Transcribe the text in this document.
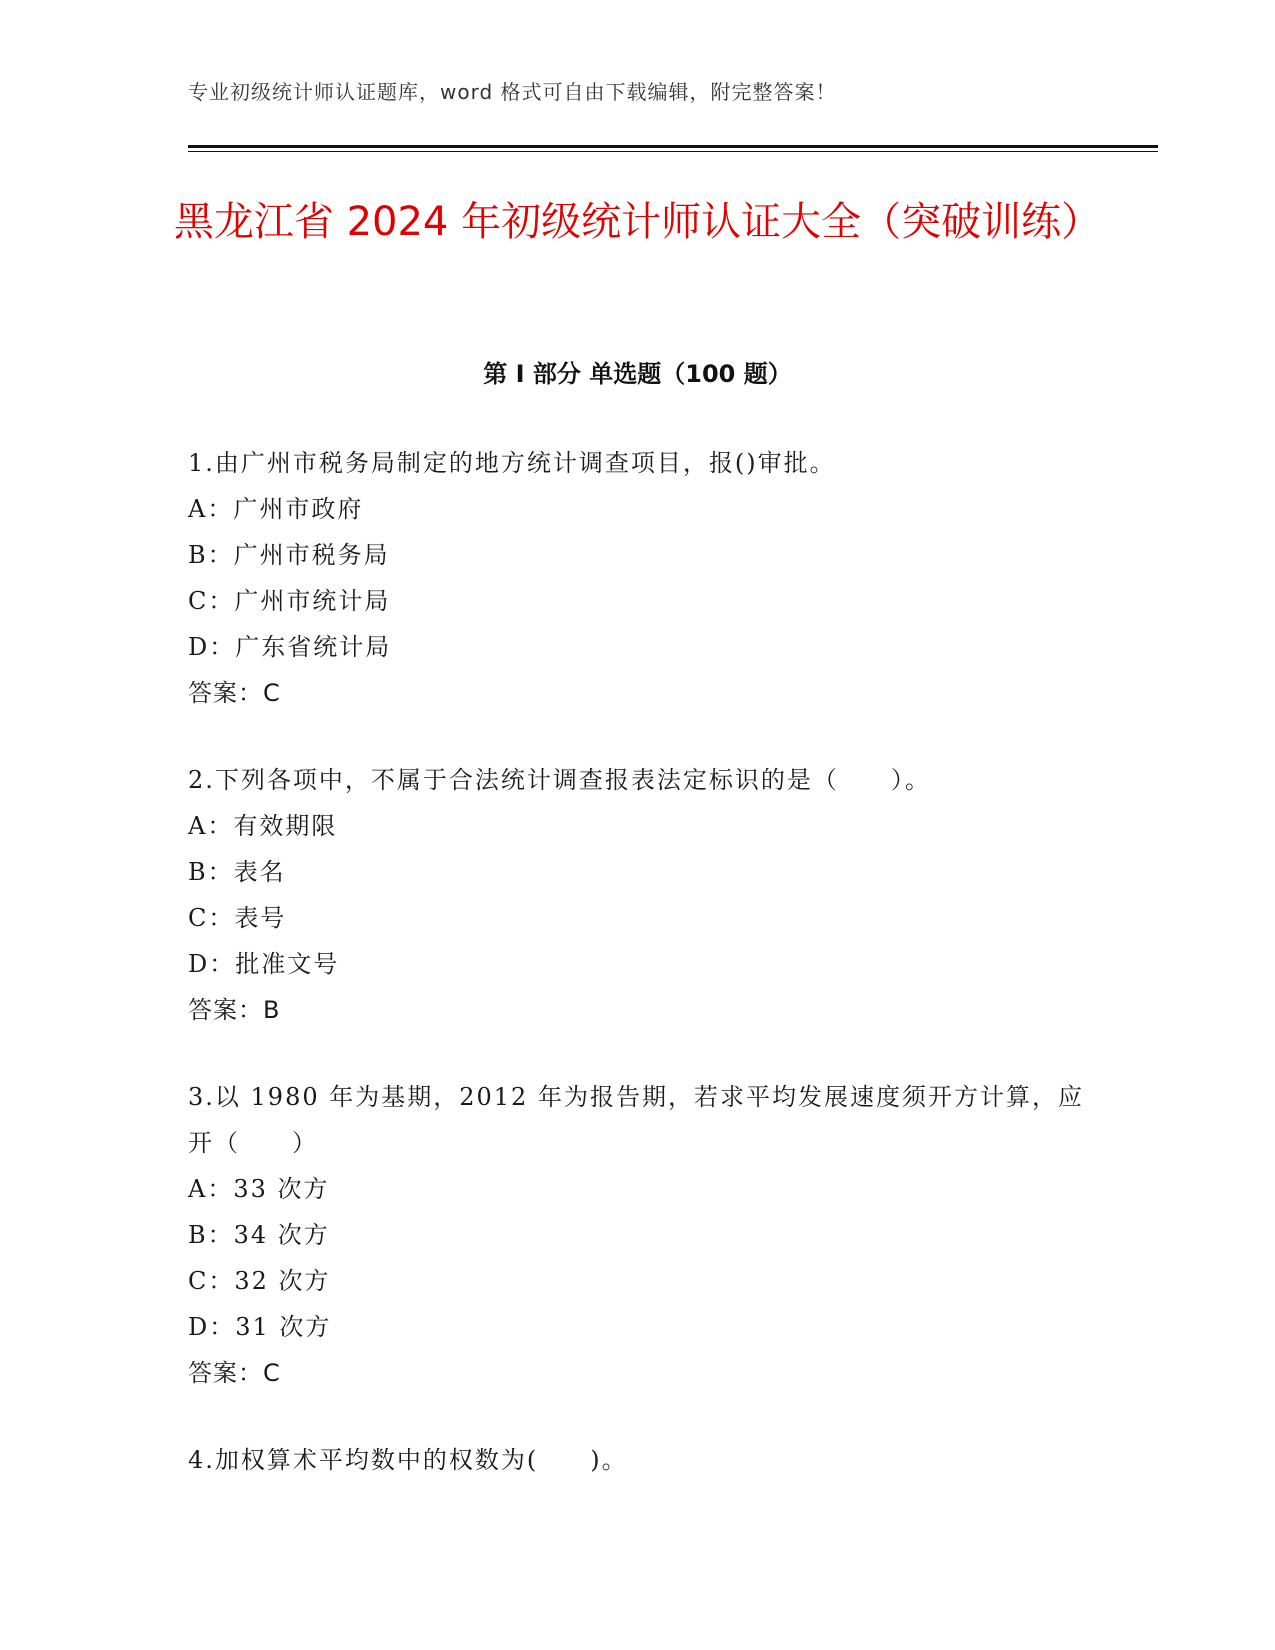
专业初级统计师认证题库，word 格式可自由下载编辑，附完整答案！
黑龙江省 2024 年初级统计师认证大全（突破训练）
第 I 部分 单选题（100 题）
1.由广州市税务局制定的地方统计调查项目，报()审批。
A：广州市政府
B：广州市税务局
C：广州市统计局
D：广东省统计局
答案：C
2.下列各项中，不属于合法统计调查报表法定标识的是（　　）。
A：有效期限
B：表名
C：表号
D：批准文号
答案：B
3.以 1980 年为基期，2012 年为报告期，若求平均发展速度须开方计算，应开（　　）
A：33 次方
B：34 次方
C：32 次方
D：31 次方
答案：C
4.加权算术平均数中的权数为(　　)。
